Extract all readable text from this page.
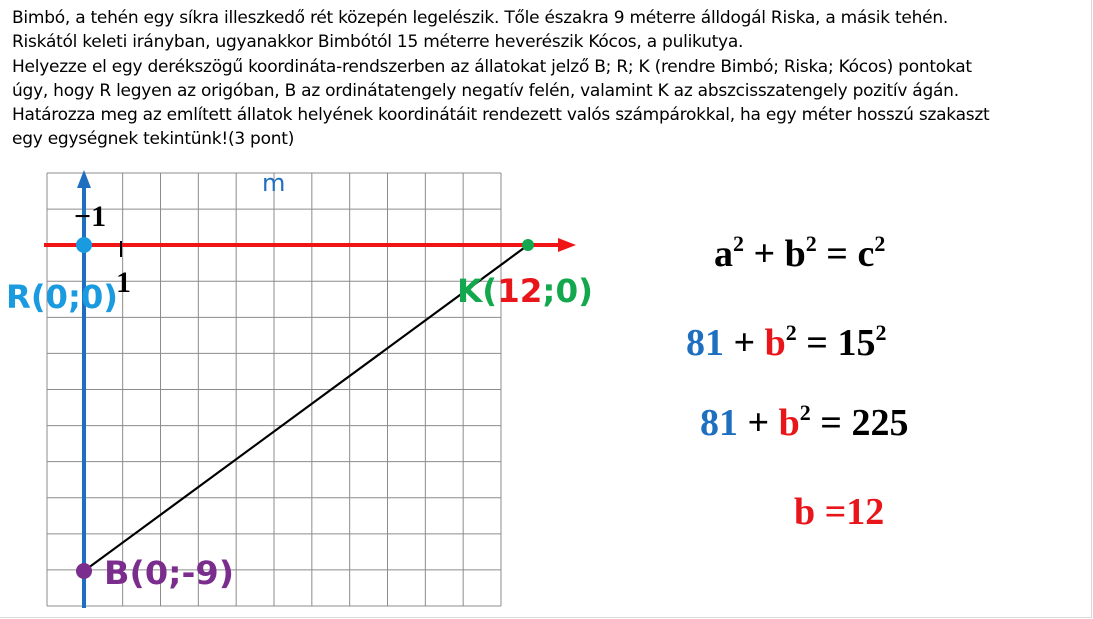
Bimbó, a tehén egy síkra illeszkedő rét közepén legelészik. Tőle északra 9 méterre álldogál Riska, a másik tehén.
Riskától keleti irányban, ugyanakkor Bimbótól 15 méterre heverészik Kócos, a pulikutya.
Helyezze el egy derékszögű koordináta-rendszerben az állatokat jelző B; R; K (rendre Bimbó; Riska; Kócos) pontokat
úgy, hogy R legyen az origóban, B az ordinátatengely negatív felén, valamint K az abszcisszatengely pozitív ágán.
Határozza meg az említett állatok helyének koordinátáit rendezett valós számpárokkal, ha egy méter hosszú szakaszt
egy egységnek tekintünk!(3 pont)
m
−1
1
R(0;0)	K(12;0)
B(0;-9)
$a^2 + b^2 = c^2$
$81 + b^2 = 15^2$
$81 + b^2 = 225$
b =12
